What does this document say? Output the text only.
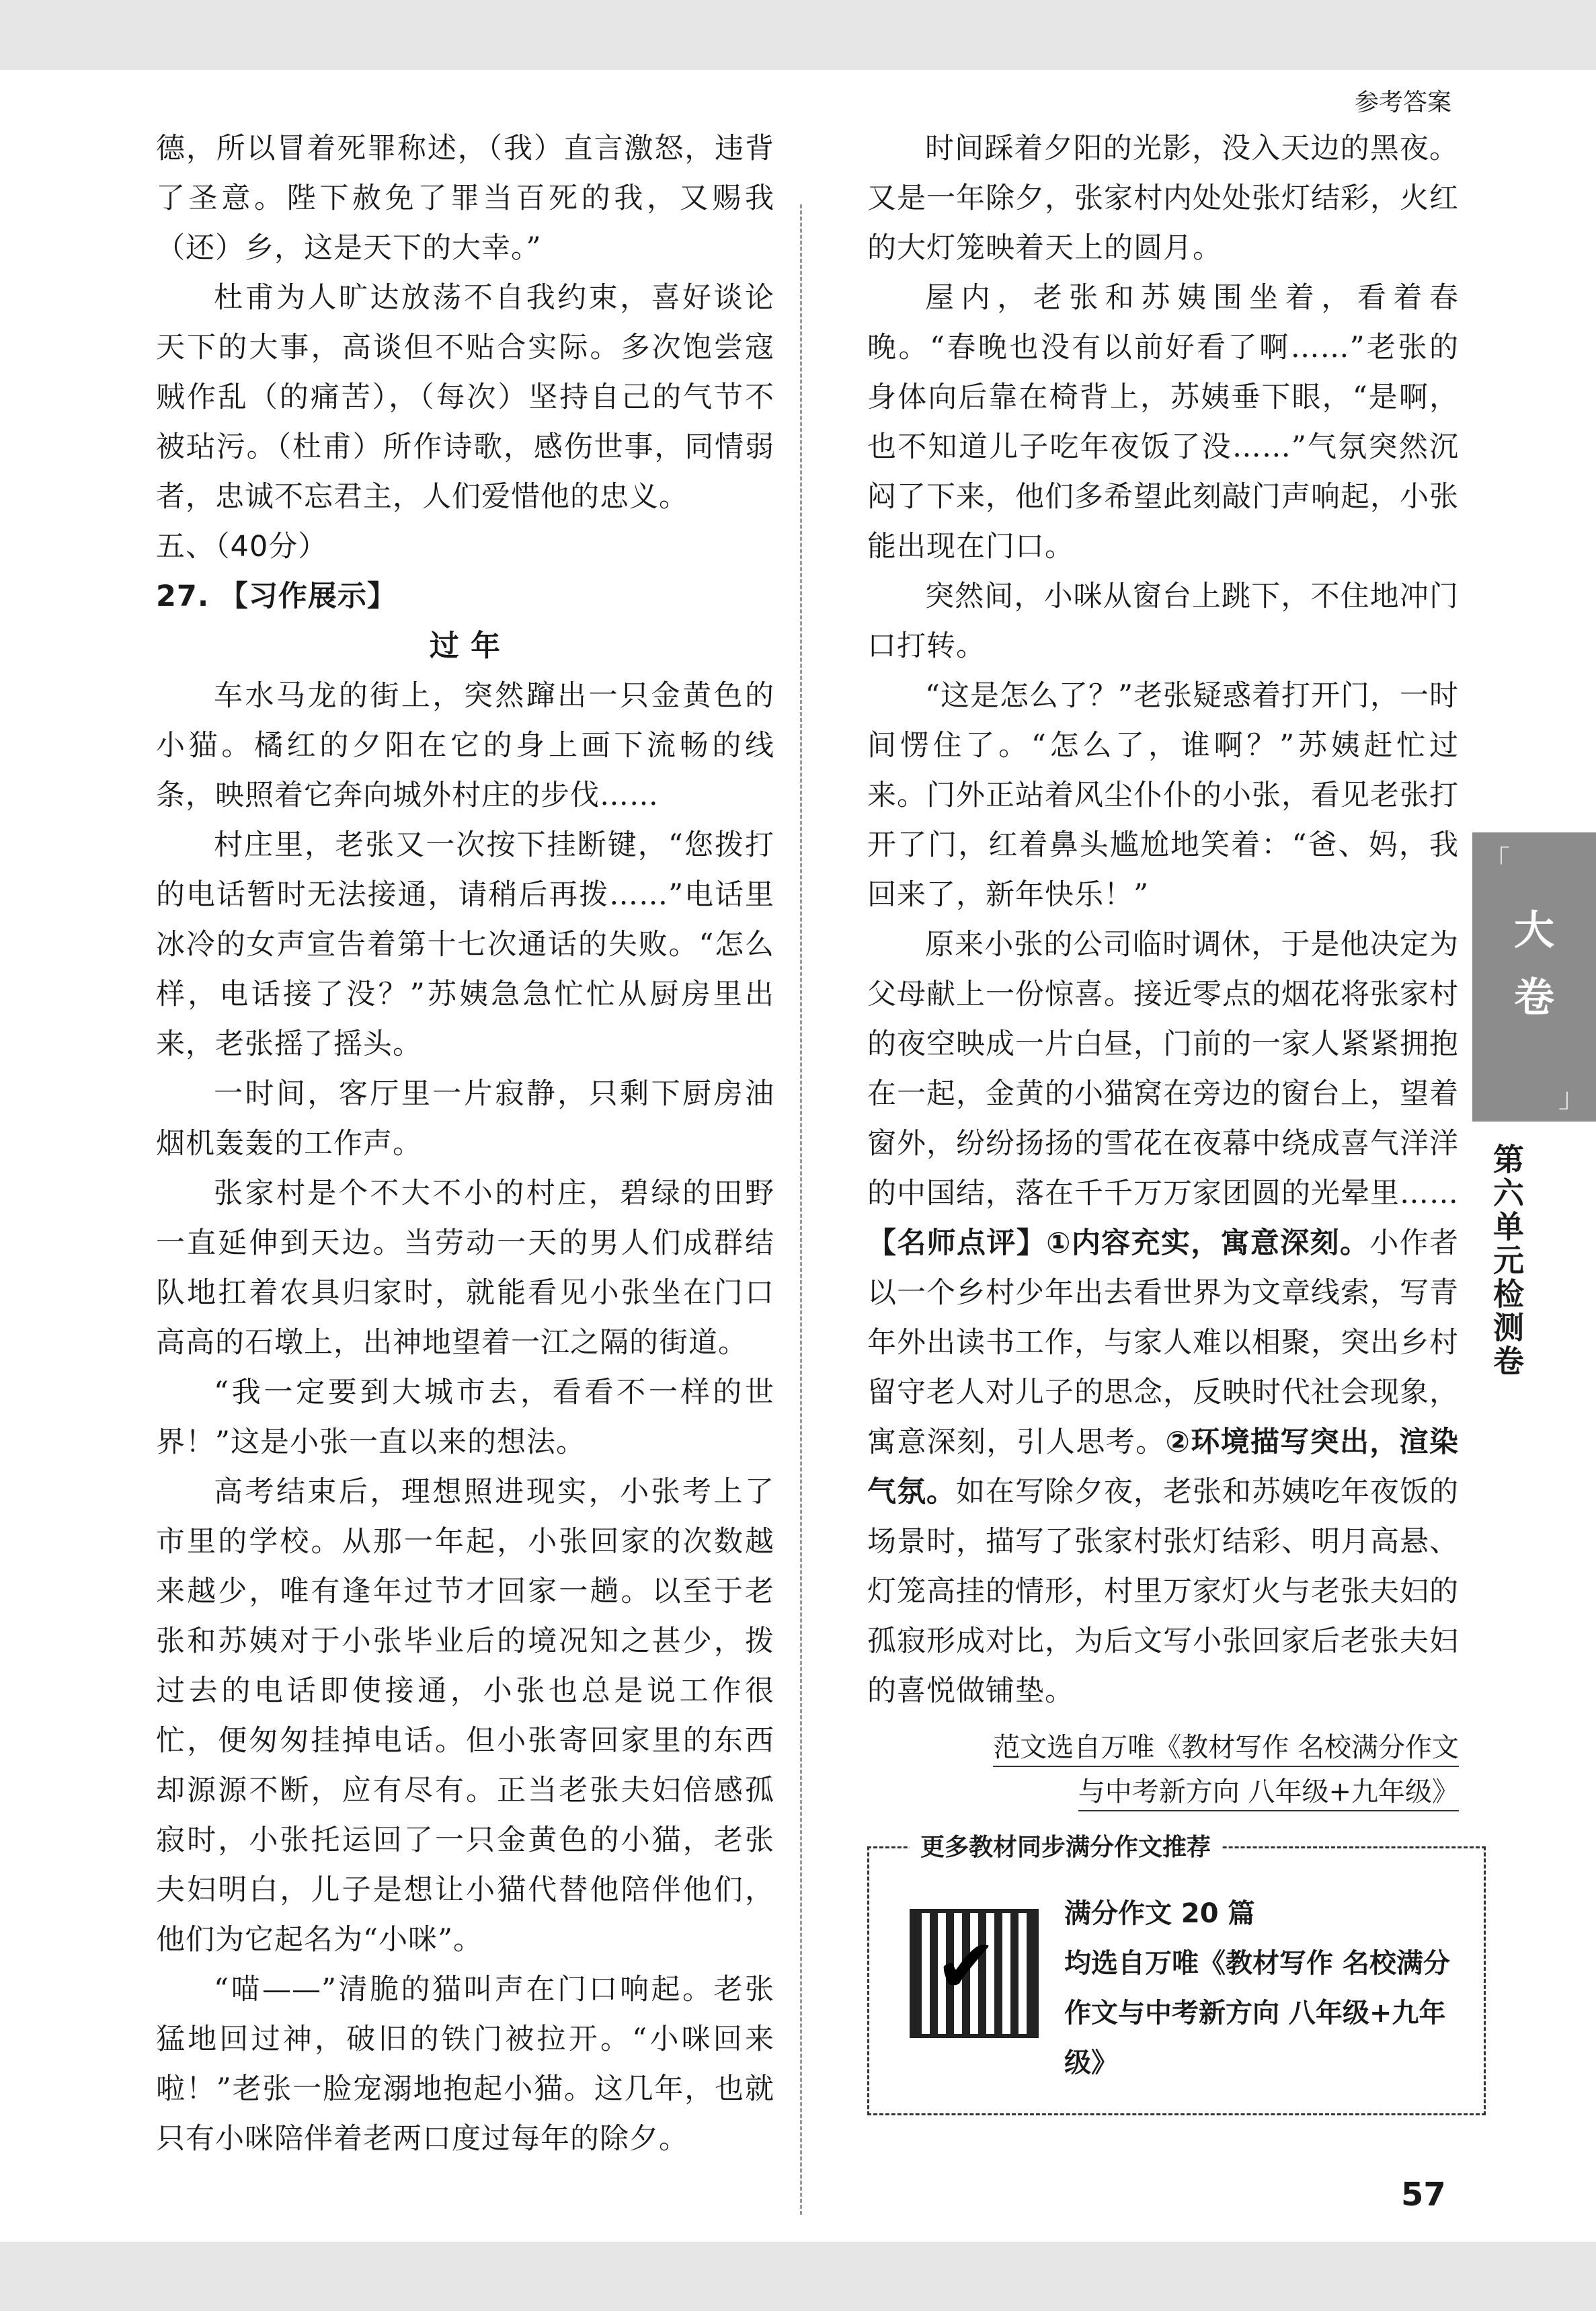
参考答案

德，所以冒着死罪称述，（我）直言激怒，违背了圣意。陛下赦免了罪当百死的我，又赐我（还）乡，这是天下的大幸。”

杜甫为人旷达放荡不自我约束，喜好谈论天下的大事，高谈但不贴合实际。多次饱尝寇贼作乱（的痛苦），（每次）坚持自己的气节不被玷污。（杜甫）所作诗歌，感伤世事，同情弱者，忠诚不忘君主，人们爱惜他的忠义。

五、（40分）

27. 【习作展示】

过 年

车水马龙的街上，突然蹿出一只金黄色的小猫。橘红的夕阳在它的身上画下流畅的线条，映照着它奔向城外村庄的步伐……

村庄里，老张又一次按下挂断键，“您拨打的电话暂时无法接通，请稍后再拨……”电话里冰冷的女声宣告着第十七次通话的失败。“怎么样，电话接了没？”苏姨急急忙忙从厨房里出来，老张摇了摇头。

一时间，客厅里一片寂静，只剩下厨房油烟机轰轰的工作声。

张家村是个不大不小的村庄，碧绿的田野一直延伸到天边。当劳动一天的男人们成群结队地扛着农具归家时，就能看见小张坐在门口高高的石墩上，出神地望着一江之隔的街道。

“我一定要到大城市去，看看不一样的世界！”这是小张一直以来的想法。

高考结束后，理想照进现实，小张考上了市里的学校。从那一年起，小张回家的次数越来越少，唯有逢年过节才回家一趟。以至于老张和苏姨对于小张毕业后的境况知之甚少，拨过去的电话即使接通，小张也总是说工作很忙，便匆匆挂掉电话。但小张寄回家里的东西却源源不断，应有尽有。正当老张夫妇倍感孤寂时，小张托运回了一只金黄色的小猫，老张夫妇明白，儿子是想让小猫代替他陪伴他们，他们为它起名为“小咪”。

“喵——”清脆的猫叫声在门口响起。老张猛地回过神，破旧的铁门被拉开。“小咪回来啦！”老张一脸宠溺地抱起小猫。这几年，也就只有小咪陪伴着老两口度过每年的除夕。

时间踩着夕阳的光影，没入天边的黑夜。又是一年除夕，张家村内处处张灯结彩，火红的大灯笼映着天上的圆月。

屋内，老张和苏姨围坐着，看着春晚。“春晚也没有以前好看了啊……”老张的身体向后靠在椅背上，苏姨垂下眼，“是啊，也不知道儿子吃年夜饭了没……”气氛突然沉闷了下来，他们多希望此刻敲门声响起，小张能出现在门口。

突然间，小咪从窗台上跳下，不住地冲门口打转。

“这是怎么了？”老张疑惑着打开门，一时间愣住了。“怎么了，谁啊？”苏姨赶忙过来。门外正站着风尘仆仆的小张，看见老张打开了门，红着鼻头尴尬地笑着：“爸、妈，我回来了，新年快乐！”

原来小张的公司临时调休，于是他决定为父母献上一份惊喜。接近零点的烟花将张家村的夜空映成一片白昼，门前的一家人紧紧拥抱在一起，金黄的小猫窝在旁边的窗台上，望着窗外，纷纷扬扬的雪花在夜幕中绕成喜气洋洋的中国结，落在千千万万家团圆的光晕里……

【名师点评】①内容充实，寓意深刻。小作者以一个乡村少年出去看世界为文章线索，写青年外出读书工作，与家人难以相聚，突出乡村留守老人对儿子的思念，反映时代社会现象，寓意深刻，引人思考。②环境描写突出，渲染气氛。如在写除夕夜，老张和苏姨吃年夜饭的场景时，描写了张家村张灯结彩、明月高悬、灯笼高挂的情形，村里万家灯火与老张夫妇的孤寂形成对比，为后文写小张回家后老张夫妇的喜悦做铺垫。

范文选自万唯《教材写作 名校满分作文
与中考新方向 八年级+九年级》
更多教材同步满分作文推荐
✔
满分作文 20 篇
均选自万唯《教材写作 名校满分作文与中考新方向 八年级+九年级》
「
大
卷
」
第六单元检测卷
57
